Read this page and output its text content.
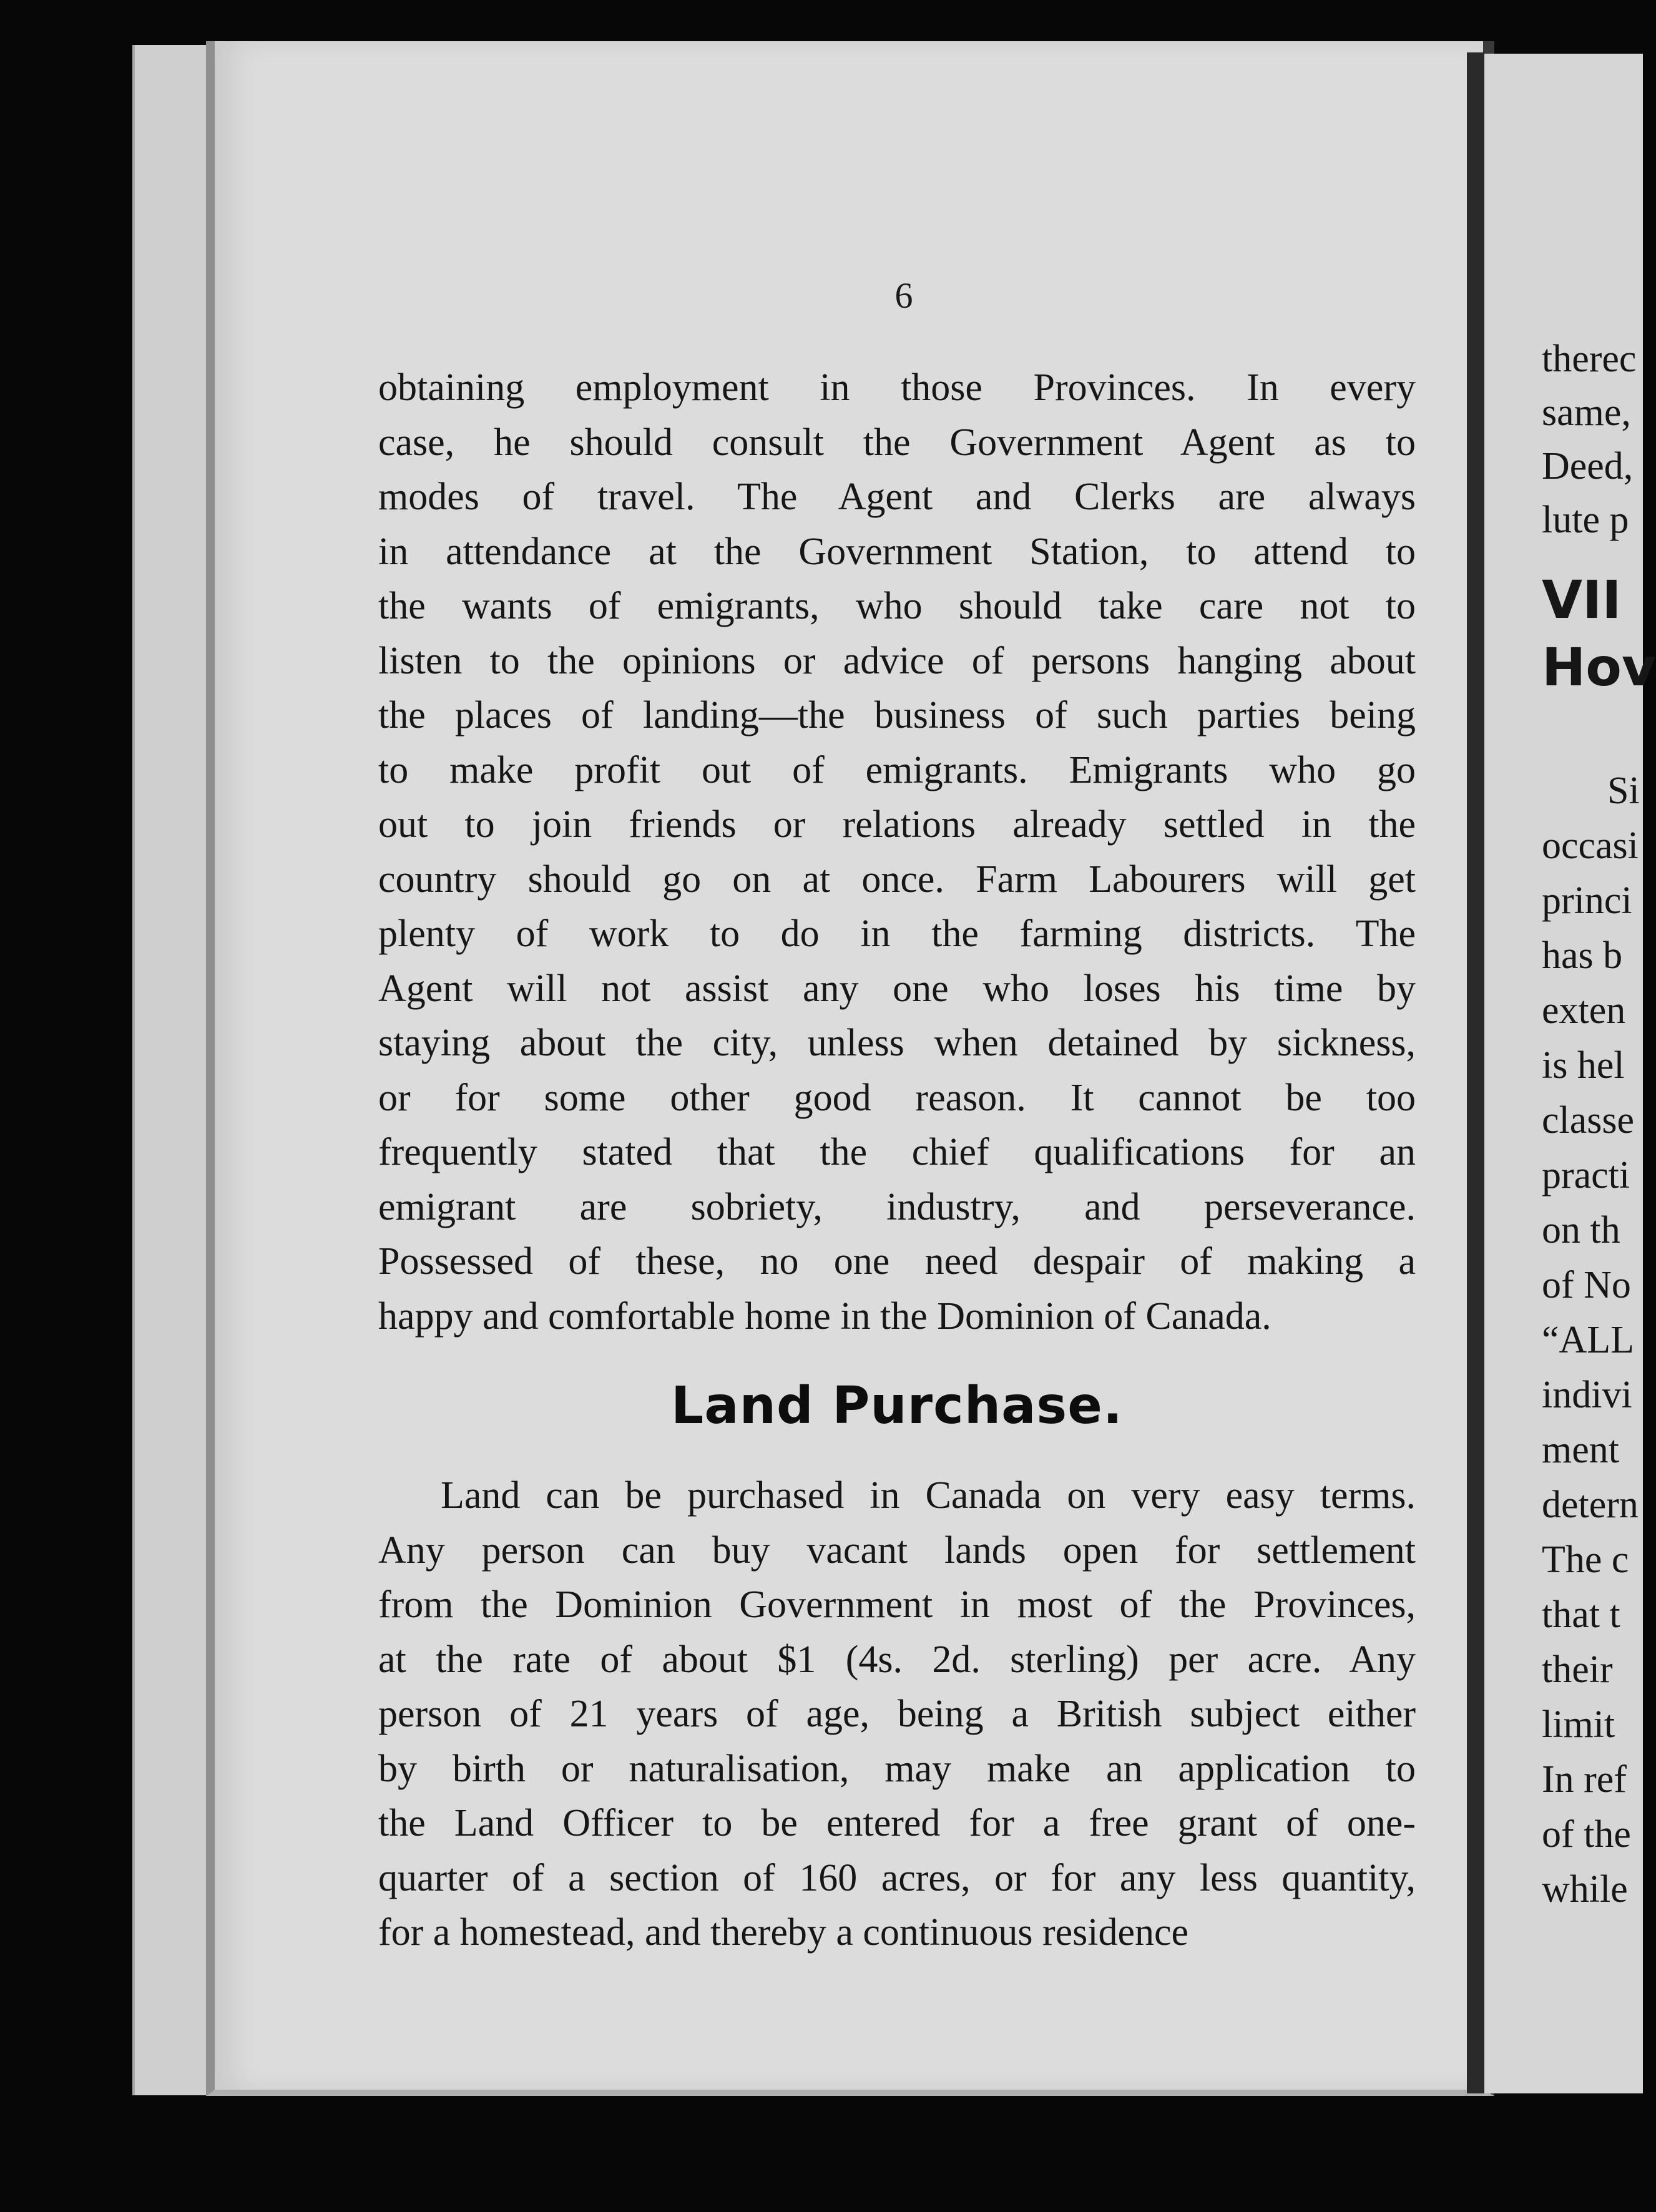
6
obtaining employment in those Provinces. In every
case, he should consult the Government Agent as to
modes of travel. The Agent and Clerks are always
in attendance at the Government Station, to attend to
the wants of emigrants, who should take care not to
listen to the opinions or advice of persons hanging about
the places of landing—the business of such parties being
to make profit out of emigrants. Emigrants who go
out to join friends or relations already settled in the
country should go on at once. Farm Labourers will get
plenty of work to do in the farming districts. The
Agent will not assist any one who loses his time by
staying about the city, unless when detained by sickness,
or for some other good reason. It cannot be too
frequently stated that the chief qualifications for an
emigrant are sobriety, industry, and perseverance.
Possessed of these, no one need despair of making a
happy and comfortable home in the Dominion of Canada.
Land Purchase.
Land can be purchased in Canada on very easy terms.
Any person can buy vacant lands open for settlement
from the Dominion Government in most of the Provinces,
at the rate of about $1 (4s. 2d. sterling) per acre. Any
person of 21 years of age, being a British subject either
by birth or naturalisation, may make an application to
the Land Officer to be entered for a free grant of one-
quarter of a section of 160 acres, or for any less quantity,
for a homestead, and thereby a continuous residence
therec
same,
Deed,
lute p
VII
Hov
Si
occasi
princi
has b
exten
is hel
classe
practi
on th
of No
“ALL
indivi
ment
detern
The c
that t
their
limit
In ref
of the
while
